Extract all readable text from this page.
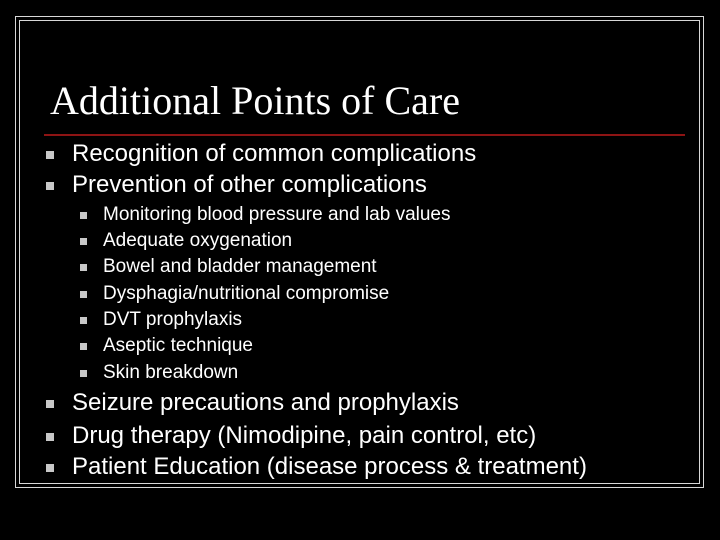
Additional Points of Care
Recognition of common complications
Prevention of other complications
Monitoring blood pressure and lab values
Adequate oxygenation
Bowel and bladder management
Dysphagia/nutritional compromise
DVT prophylaxis
Aseptic technique
Skin breakdown
Seizure precautions and prophylaxis
Drug therapy (Nimodipine, pain control, etc)
Patient Education (disease process & treatment)
